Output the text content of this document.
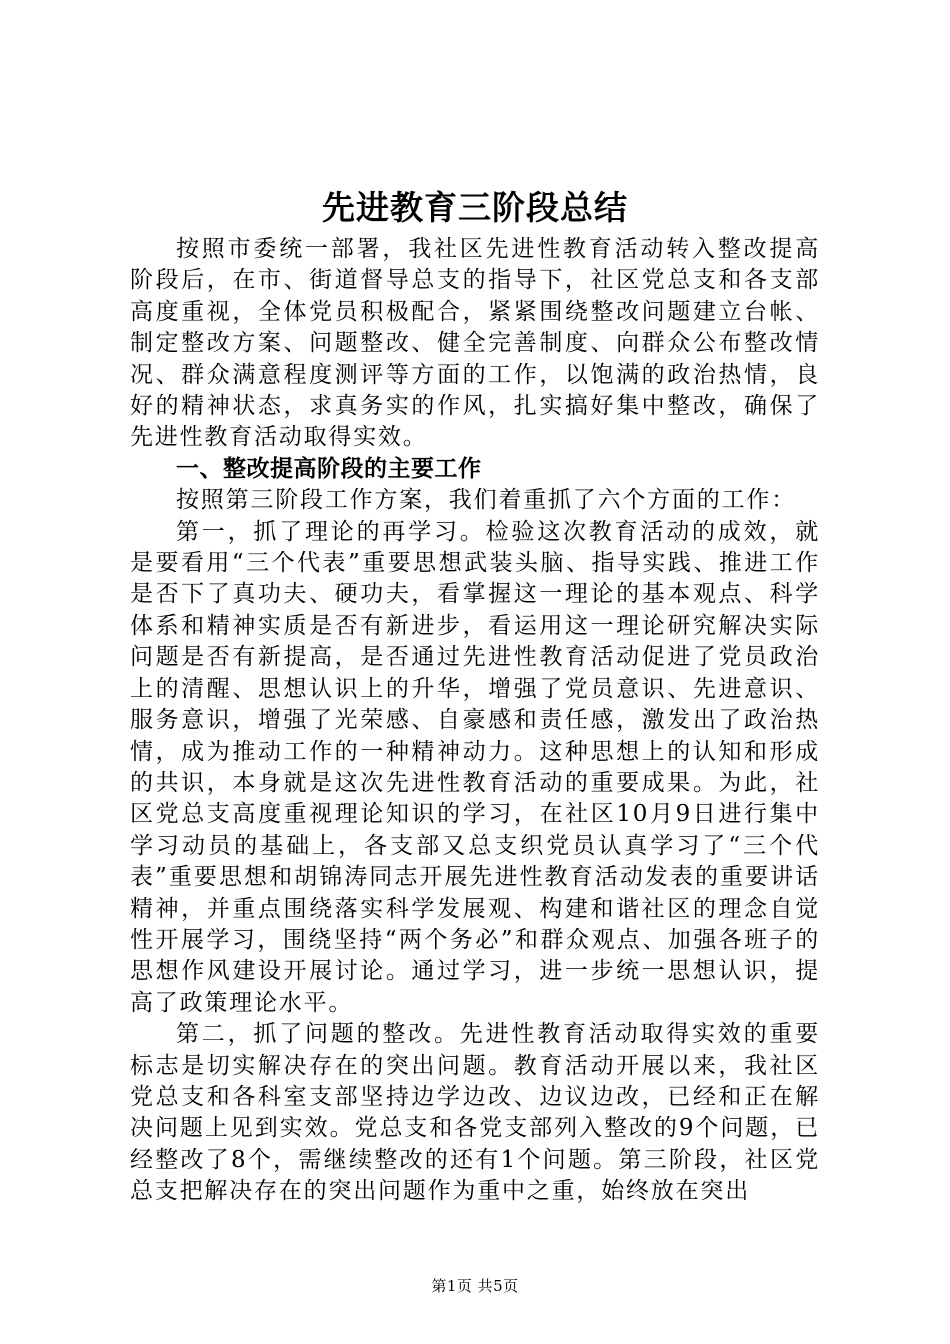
先进教育三阶段总结

按照市委统一部署，我社区先进性教育活动转入整改提高阶段后，在市、街道督导总支的指导下，社区党总支和各支部高度重视，全体党员积极配合，紧紧围绕整改问题建立台帐、制定整改方案、问题整改、健全完善制度、向群众公布整改情况、群众满意程度测评等方面的工作，以饱满的政治热情，良好的精神状态，求真务实的作风，扎实搞好集中整改，确保了先进性教育活动取得实效。

一、整改提高阶段的主要工作

按照第三阶段工作方案，我们着重抓了六个方面的工作：

第一，抓了理论的再学习。检验这次教育活动的成效，就是要看用“三个代表”重要思想武装头脑、指导实践、推进工作是否下了真功夫、硬功夫，看掌握这一理论的基本观点、科学体系和精神实质是否有新进步，看运用这一理论研究解决实际问题是否有新提高，是否通过先进性教育活动促进了党员政治上的清醒、思想认识上的升华，增强了党员意识、先进意识、服务意识，增强了光荣感、自豪感和责任感，激发出了政治热情，成为推动工作的一种精神动力。这种思想上的认知和形成的共识，本身就是这次先进性教育活动的重要成果。为此，社区党总支高度重视理论知识的学习，在社区10月9日进行集中学习动员的基础上，各支部又总支织党员认真学习了“三个代表”重要思想和胡锦涛同志开展先进性教育活动发表的重要讲话精神，并重点围绕落实科学发展观、构建和谐社区的理念自觉性开展学习，围绕坚持“两个务必”和群众观点、加强各班子的思想作风建设开展讨论。通过学习，进一步统一思想认识，提高了政策理论水平。

第二，抓了问题的整改。先进性教育活动取得实效的重要标志是切实解决存在的突出问题。教育活动开展以来，我社区党总支和各科室支部坚持边学边改、边议边改，已经和正在解决问题上见到实效。党总支和各党支部列入整改的9个问题，已经整改了8个，需继续整改的还有1个问题。第三阶段，社区党总支把解决存在的突出问题作为重中之重，始终放在突出

第1页 共5页
